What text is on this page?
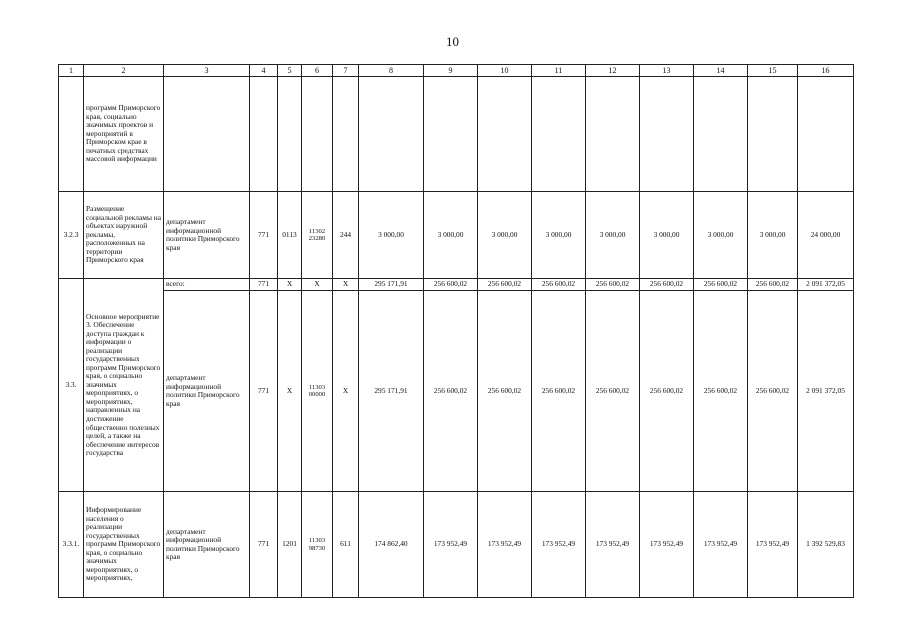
10
1	2	3	4	5	6	7	8	9	10	11	12	13	14	15	16
	программ Приморского края, социально значимых проектов и мероприятий в Приморском крае в печатных средствах массовой информации														
3.2.3	Размещение социальной рекламы на объектах наружной рекламы, расположенных на территории Приморского края	департамент информационной политики Приморского края	771	0113	11302 23280	244	3 000,00	3 000,00	3 000,00	3 000,00	3 000,00	3 000,00	3 000,00	3 000,00	24 000,00
3.3.	Основное мероприятие 3. Обеспечение доступа граждан к информации о реализации государственных программ Приморского края, о социально значимых мероприятиях, о мероприятиях, направленных на достижение общественно полезных целей, а также на обеспечение интересов государства	всего:	771	X	X	X	295 171,91	256 600,02	256 600,02	256 600,02	256 600,02	256 600,02	256 600,02	256 600,02	2 091 372,05
		департамент информационной политики Приморского края	771	X	11303 00000	X	295 171,91	256 600,02	256 600,02	256 600,02	256 600,02	256 600,02	256 600,02	256 600,02	2 091 372,05
3.3.1.	Информирование населения о реализации государственных программ Приморского края, о социально значимых мероприятиях, о мероприятиях,	департамент информационной политики Приморского края	771	1201	11303 98730	611	174 862,40	173 952,49	173 952,49	173 952,49	173 952,49	173 952,49	173 952,49	173 952,49	1 392 529,83
